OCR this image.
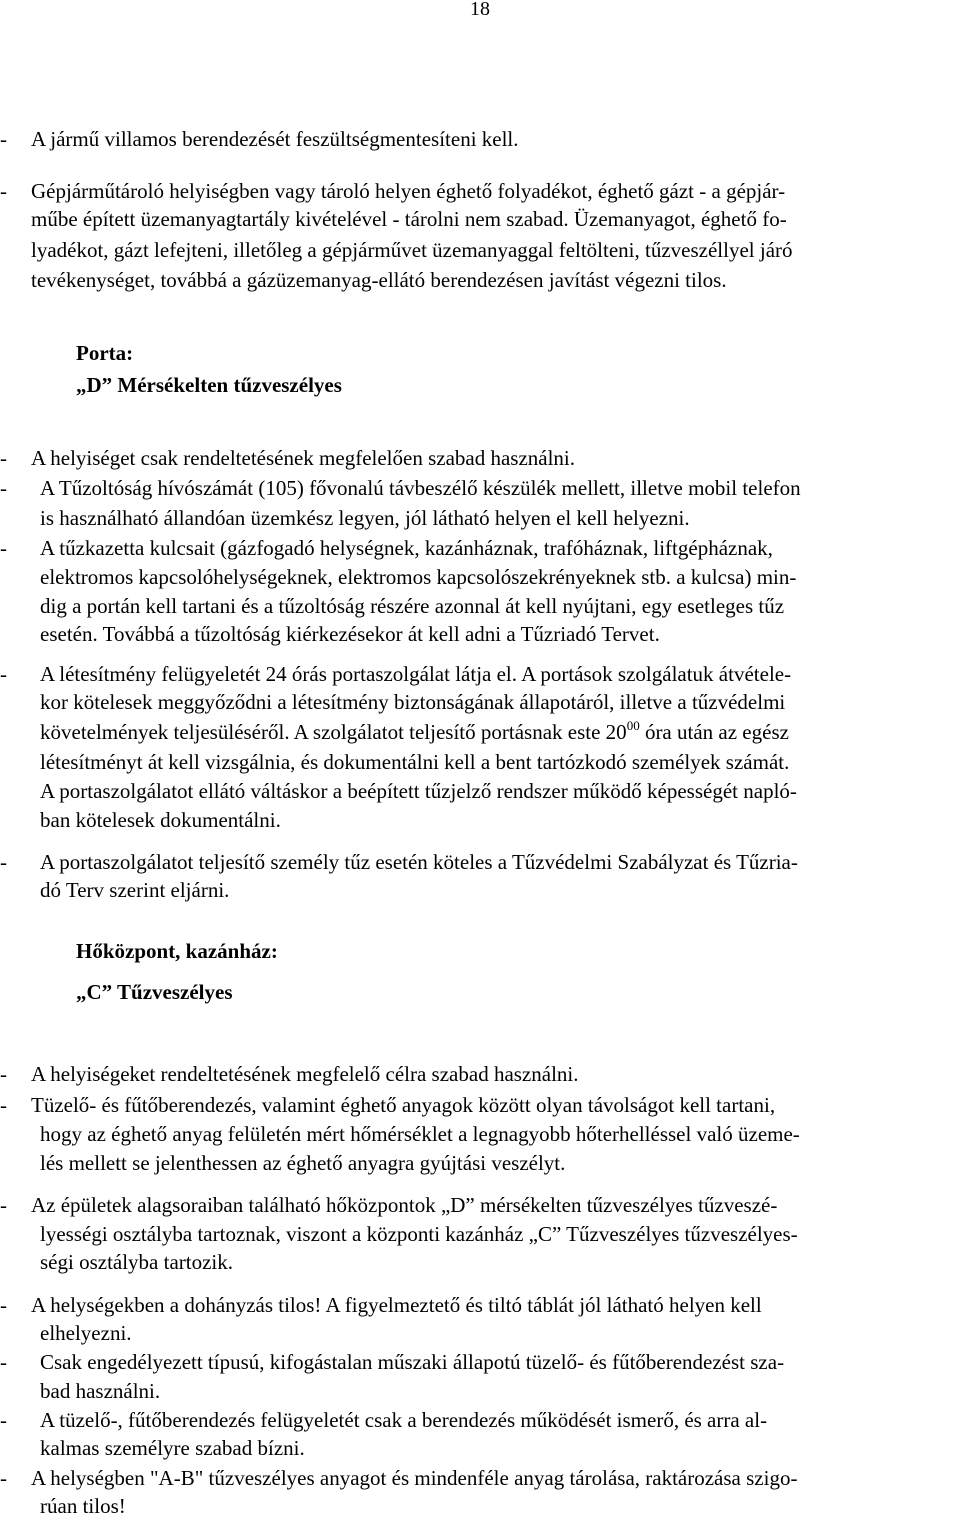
18
-	A jármű villamos berendezését feszültségmentesíteni kell.
-	Gépjárműtároló helyiségben vagy tároló helyen éghető folyadékot, éghető gázt - a gépjár-
műbe épített üzemanyagtartály kivételével - tárolni nem szabad. Üzemanyagot, éghető fo-
lyadékot, gázt lefejteni, illetőleg a gépjárművet üzemanyaggal feltölteni, tűzveszéllyel járó
tevékenységet, továbbá a gázüzemanyag-ellátó berendezésen javítást végezni tilos.
Porta:
„D” Mérsékelten tűzveszélyes
-	A helyiséget csak rendeltetésének megfelelően szabad használni.
-	A Tűzoltóság hívószámát (105) fővonalú távbeszélő készülék mellett, illetve mobil telefon
is használható állandóan üzemkész legyen, jól látható helyen el kell helyezni.
-	A tűzkazetta kulcsait (gázfogadó helységnek, kazánháznak, trafóháznak, liftgépháznak,
elektromos kapcsolóhelységeknek, elektromos kapcsolószekrényeknek stb. a kulcsa) min-
dig a portán kell tartani és a tűzoltóság részére azonnal át kell nyújtani, egy esetleges tűz
esetén. Továbbá a tűzoltóság kiérkezésekor át kell adni a Tűzriadó Tervet.
-	A létesítmény felügyeletét 24 órás portaszolgálat látja el. A portások szolgálatuk átvétele-
kor kötelesek meggyőződni a létesítmény biztonságának állapotáról, illetve a tűzvédelmi
követelmények teljesüléséről. A szolgálatot teljesítő portásnak este $20^{00}$ óra után az egész
létesítményt át kell vizsgálnia, és dokumentálni kell a bent tartózkodó személyek számát.
A portaszolgálatot ellátó váltáskor a beépített tűzjelző rendszer működő képességét napló-
ban kötelesek dokumentálni.
-	A portaszolgálatot teljesítő személy tűz esetén köteles a Tűzvédelmi Szabályzat és Tűzria-
dó Terv szerint eljárni.
Hőközpont, kazánház:
„C” Tűzveszélyes
-	A helyiségeket rendeltetésének megfelelő célra szabad használni.
-	Tüzelő- és fűtőberendezés, valamint éghető anyagok között olyan távolságot kell tartani,
hogy az éghető anyag felületén mért hőmérséklet a legnagyobb hőterhelléssel való üzeme-
lés mellett se jelenthessen az éghető anyagra gyújtási veszélyt.
-	Az épületek alagsoraiban található hőközpontok „D” mérsékelten tűzveszélyes tűzveszé-
lyességi osztályba tartoznak, viszont a központi kazánház „C” Tűzveszélyes tűzveszélyes-
ségi osztályba tartozik.
-	A helységekben a dohányzás tilos! A figyelmeztető és tiltó táblát jól látható helyen kell
elhelyezni.
-	Csak engedélyezett típusú, kifogástalan műszaki állapotú tüzelő- és fűtőberendezést sza-
bad használni.
-	A tüzelő-, fűtőberendezés felügyeletét csak a berendezés működését ismerő, és arra al-
kalmas személyre szabad bízni.
-	A helységben "A-B" tűzveszélyes anyagot és mindenféle anyag tárolása, raktározása szigo-
rúan tilos!
